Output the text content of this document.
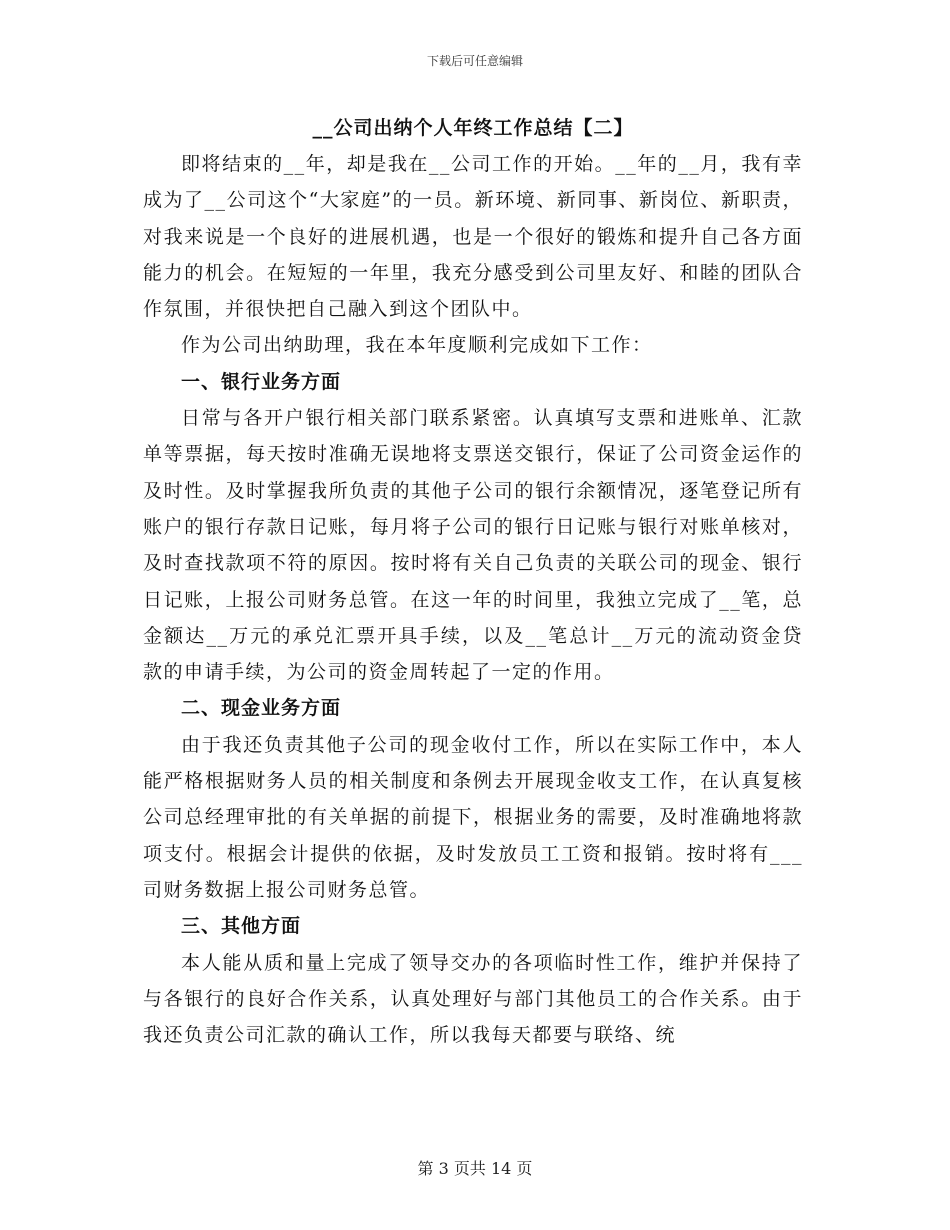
下载后可任意编辑
__公司出纳个人年终工作总结【二】

即将结束的__年，却是我在__公司工作的开始。__年的__月，我有幸成为了__公司这个“大家庭”的一员。新环境、新同事、新岗位、新职责，对我来说是一个良好的进展机遇，也是一个很好的锻炼和提升自己各方面能力的机会。在短短的一年里，我充分感受到公司里友好、和睦的团队合作氛围，并很快把自己融入到这个团队中。

作为公司出纳助理，我在本年度顺利完成如下工作：

一、银行业务方面

日常与各开户银行相关部门联系紧密。认真填写支票和进账单、汇款单等票据，每天按时准确无误地将支票送交银行，保证了公司资金运作的及时性。及时掌握我所负责的其他子公司的银行余额情况，逐笔登记所有账户的银行存款日记账，每月将子公司的银行日记账与银行对账单核对，及时查找款项不符的原因。按时将有关自己负责的关联公司的现金、银行日记账，上报公司财务总管。在这一年的时间里，我独立完成了__笔，总金额达__万元的承兑汇票开具手续，以及__笔总计__万元的流动资金贷款的申请手续，为公司的资金周转起了一定的作用。

二、现金业务方面

由于我还负责其他子公司的现金收付工作，所以在实际工作中，本人能严格根据财务人员的相关制度和条例去开展现金收支工作，在认真复核公司总经理审批的有关单据的前提下，根据业务的需要，及时准确地将款项支付。根据会计提供的依据，及时发放员工工资和报销。按时将有___司财务数据上报公司财务总管。

三、其他方面

本人能从质和量上完成了领导交办的各项临时性工作，维护并保持了与各银行的良好合作关系，认真处理好与部门其他员工的合作关系。由于我还负责公司汇款的确认工作，所以我每天都要与联络、统

第 3 页共 14 页
